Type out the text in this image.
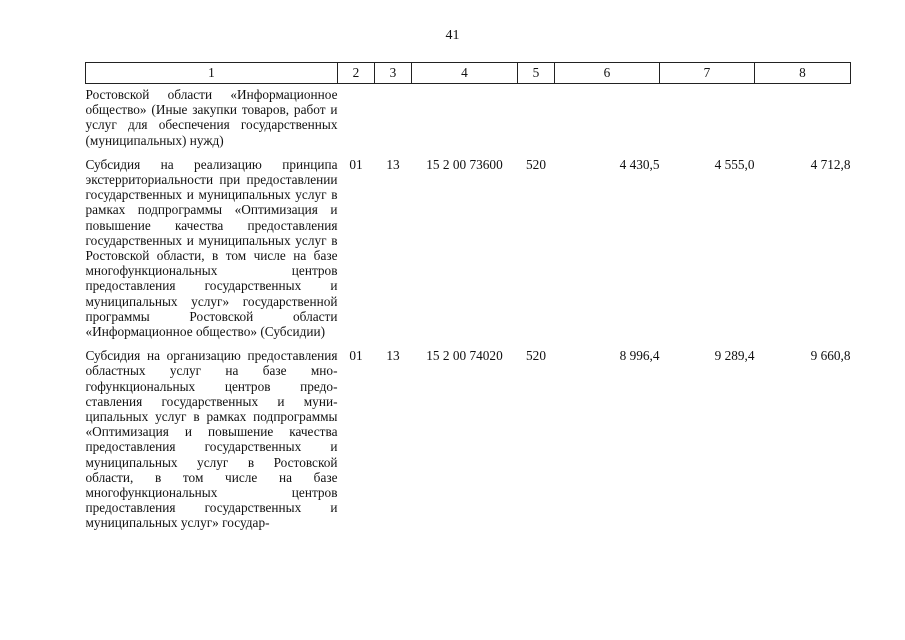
41
1	2	3	4	5	6	7	8
Ростовской области «Информационное общество» (Иные закупки товаров, работ и услуг для обеспечения государственных (муниципальных) нужд)							
Субсидия на реализацию принципа экстерриториальности при предоставлении государственных и муниципальных услуг в рамках подпрограммы «Оптимизация и повышение качества предоставления государственных и муниципальных услуг в Ростовской области, в том числе на базе многофункциональных центров предоставления государственных и муниципальных услуг» государственной программы Ростовской области «Информационное общество» (Субсидии)	01	13	15 2 00 73600	520	4 430,5	4 555,0	4 712,8
Субсидия на организацию предоставления областных услуг на базе многофункциональных центров предоставления государственных и муниципальных услуг в рамках подпрограммы «Оптимизация и повышение качества предоставления государственных и муниципальных услуг в Ростовской области, в том числе на базе многофункциональных центров предоставления государственных и муниципальных услуг» государ-	01	13	15 2 00 74020	520	8 996,4	9 289,4	9 660,8
